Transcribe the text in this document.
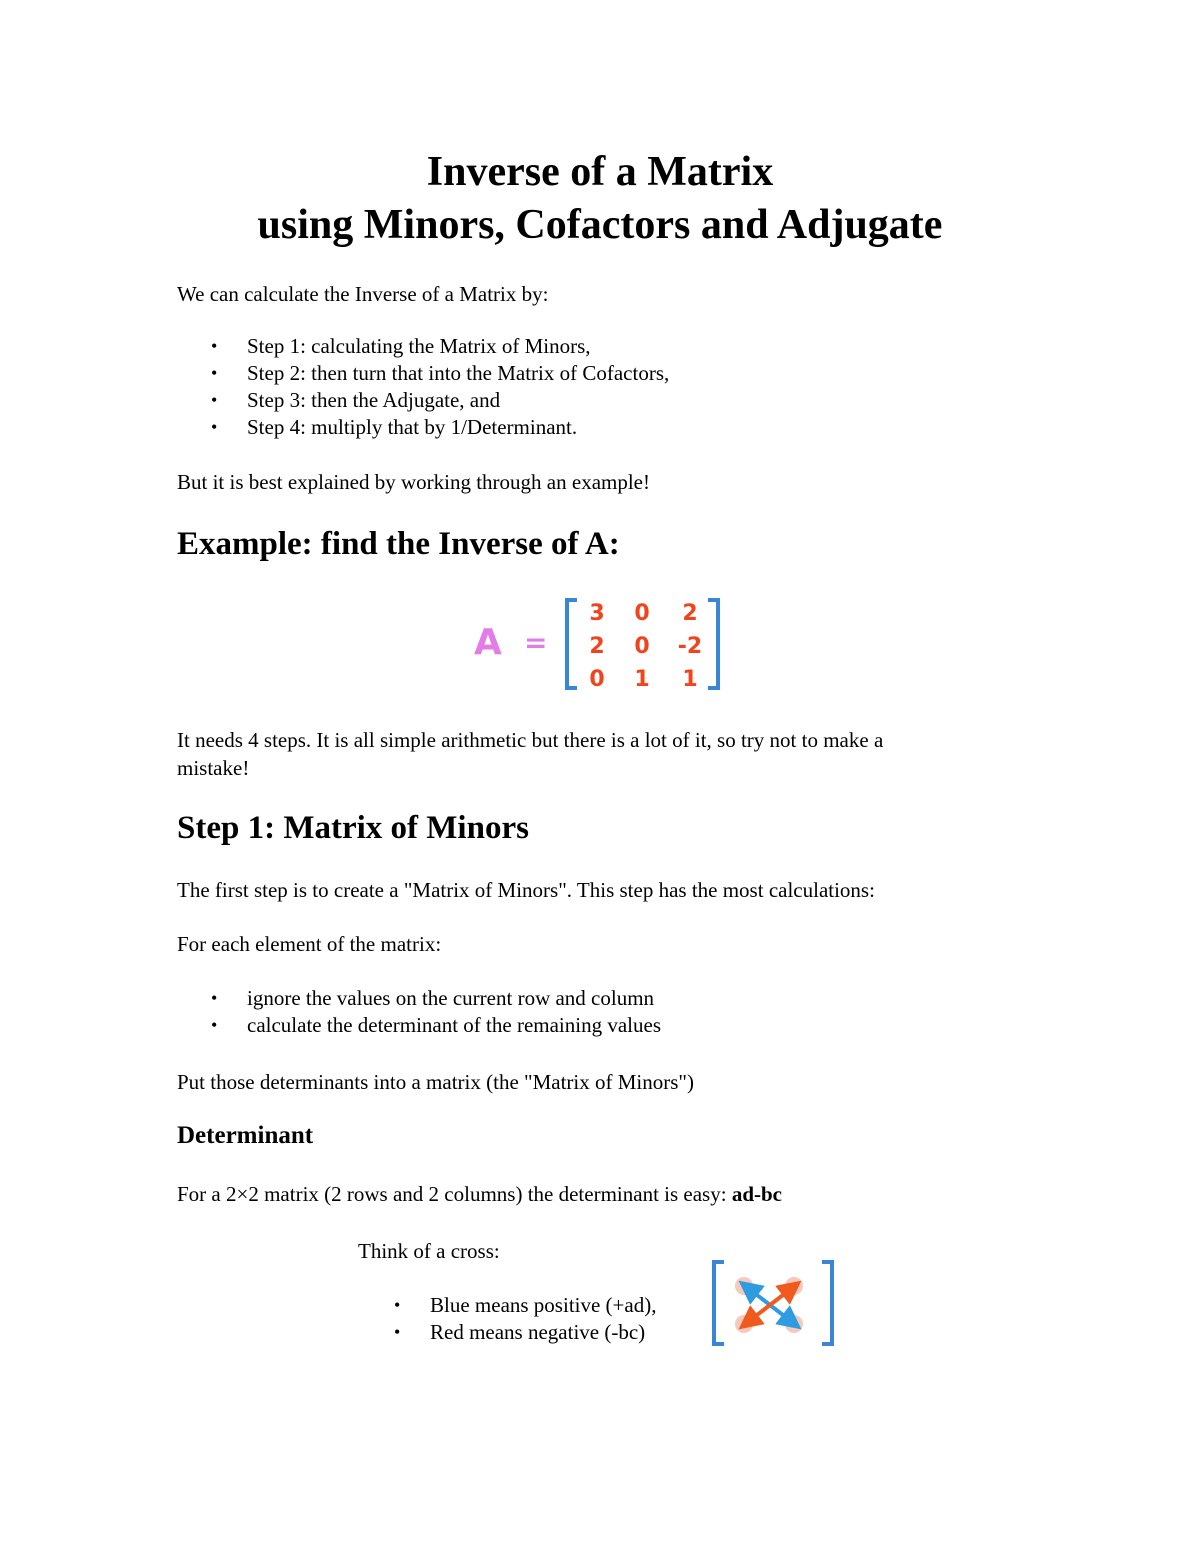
Inverse of a Matrix
using Minors, Cofactors and Adjugate

We can calculate the Inverse of a Matrix by:

• Step 1: calculating the Matrix of Minors,
• Step 2: then turn that into the Matrix of Cofactors,
• Step 3: then the Adjugate, and
• Step 4: multiply that by 1/Determinant.

But it is best explained by working through an example!

Example: find the Inverse of A:
A =
3 0 2
2 0 -2
0 1 1

It needs 4 steps. It is all simple arithmetic but there is a lot of it, so try not to make a

mistake!

Step 1: Matrix of Minors

The first step is to create a "Matrix of Minors". This step has the most calculations:

For each element of the matrix:

• ignore the values on the current row and column
• calculate the determinant of the remaining values

Put those determinants into a matrix (the "Matrix of Minors")

Determinant

For a 2×2 matrix (2 rows and 2 columns) the determinant is easy: ad-bc

Think of a cross:

• Blue means positive (+ad),
• Red means negative (-bc)
